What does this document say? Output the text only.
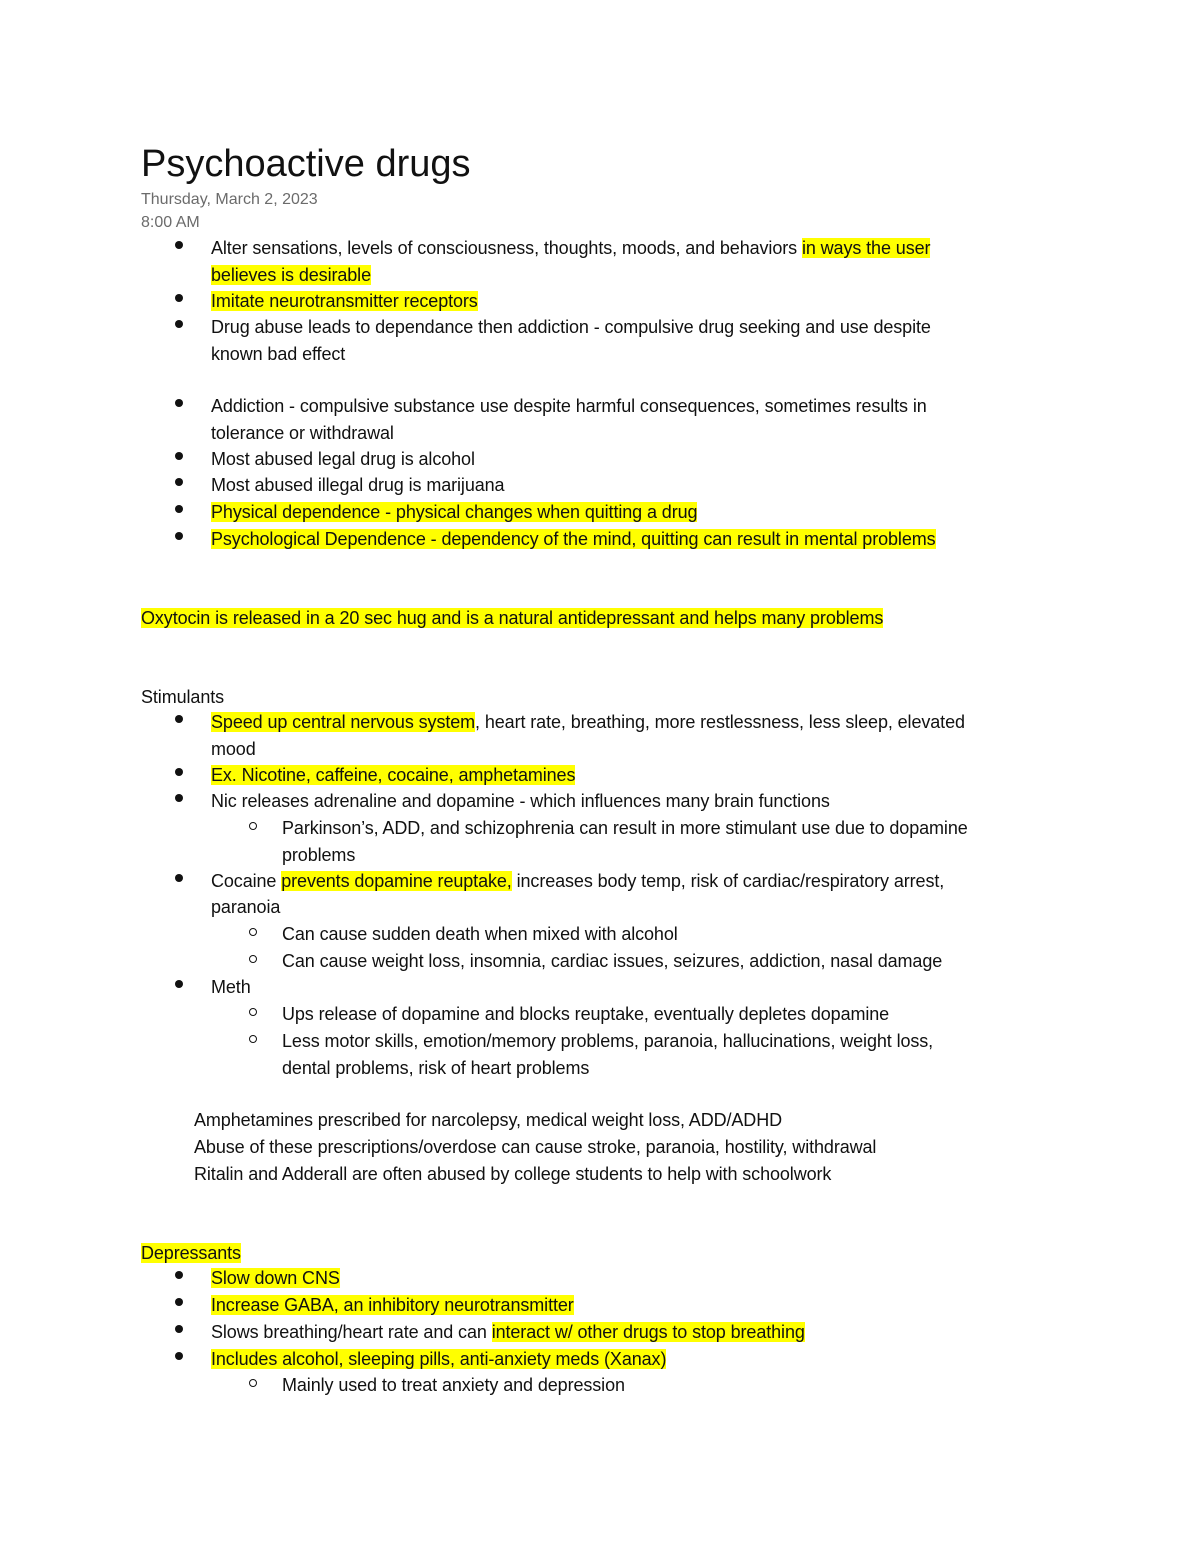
Psychoactive drugs
Thursday, March 2, 2023
8:00 AM
Alter sensations, levels of consciousness, thoughts, moods, and behaviors in ways the user
believes is desirable
Imitate neurotransmitter receptors
Drug abuse leads to dependance then addiction - compulsive drug seeking and use despite
known bad effect
Addiction - compulsive substance use despite harmful consequences, sometimes results in
tolerance or withdrawal
Most abused legal drug is alcohol
Most abused illegal drug is marijuana
Physical dependence - physical changes when quitting a drug
Psychological Dependence - dependency of the mind, quitting can result in mental problems
Oxytocin is released in a 20 sec hug and is a natural antidepressant and helps many problems
Stimulants
Speed up central nervous system, heart rate, breathing, more restlessness, less sleep, elevated
mood
Ex. Nicotine, caffeine, cocaine, amphetamines
Nic releases adrenaline and dopamine - which influences many brain functions
Parkinson’s, ADD, and schizophrenia can result in more stimulant use due to dopamine
problems
Cocaine prevents dopamine reuptake, increases body temp, risk of cardiac/respiratory arrest,
paranoia
Can cause sudden death when mixed with alcohol
Can cause weight loss, insomnia, cardiac issues, seizures, addiction, nasal damage
Meth
Ups release of dopamine and blocks reuptake, eventually depletes dopamine
Less motor skills, emotion/memory problems, paranoia, hallucinations, weight loss,
dental problems, risk of heart problems
Amphetamines prescribed for narcolepsy, medical weight loss, ADD/ADHD
Abuse of these prescriptions/overdose can cause stroke, paranoia, hostility, withdrawal
Ritalin and Adderall are often abused by college students to help with schoolwork
Depressants
Slow down CNS
Increase GABA, an inhibitory neurotransmitter
Slows breathing/heart rate and can interact w/ other drugs to stop breathing
Includes alcohol, sleeping pills, anti-anxiety meds (Xanax)
Mainly used to treat anxiety and depression
